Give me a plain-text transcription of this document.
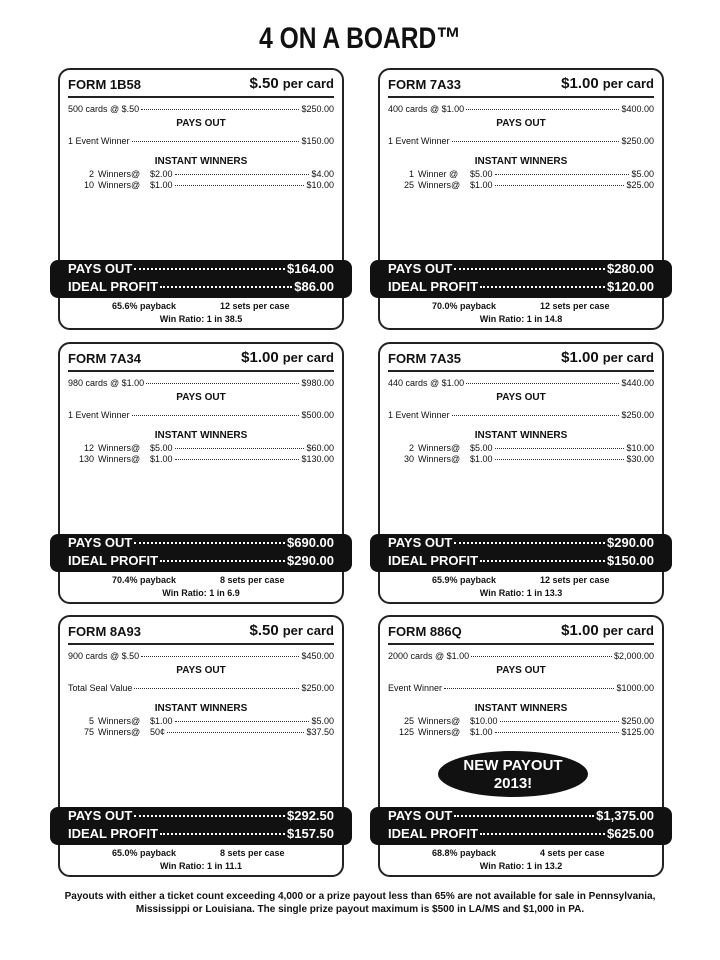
4 ON A BOARD™
FORM 1B58	$.50 per card
500 cards @ $.50	$250.00
PAYS OUT
1 Event Winner	$150.00
INSTANT WINNERS
2 Winners@	$2.00	$4.00
10 Winners@	$1.00	$10.00
PAYS OUT	$164.00
IDEAL PROFIT	$86.00
65.6% payback	12 sets per case
Win Ratio: 1 in 38.5
FORM 7A33	$1.00 per card
400 cards @ $1.00	$400.00
PAYS OUT
1 Event Winner	$250.00
INSTANT WINNERS
1 Winner @	$5.00	$5.00
25 Winners@	$1.00	$25.00
PAYS OUT	$280.00
IDEAL PROFIT	$120.00
70.0% payback	12 sets per case
Win Ratio: 1 in 14.8
FORM 7A34	$1.00 per card
980 cards @ $1.00	$980.00
PAYS OUT
1 Event Winner	$500.00
INSTANT WINNERS
12 Winners@	$5.00	$60.00
130 Winners@	$1.00	$130.00
PAYS OUT	$690.00
IDEAL PROFIT	$290.00
70.4% payback	8 sets per case
Win Ratio: 1 in 6.9
FORM 7A35	$1.00 per card
440 cards @ $1.00	$440.00
PAYS OUT
1 Event Winner	$250.00
INSTANT WINNERS
2 Winners@	$5.00	$10.00
30 Winners@	$1.00	$30.00
PAYS OUT	$290.00
IDEAL PROFIT	$150.00
65.9% payback	12 sets per case
Win Ratio: 1 in 13.3
FORM 8A93	$.50 per card
900 cards @ $.50	$450.00
PAYS OUT
Total Seal Value	$250.00
INSTANT WINNERS
5 Winners@	$1.00	$5.00
75 Winners@	50¢	$37.50
PAYS OUT	$292.50
IDEAL PROFIT	$157.50
65.0% payback	8 sets per case
Win Ratio: 1 in 11.1
FORM 886Q	$1.00 per card
2000 cards @ $1.00	$2,000.00
PAYS OUT
Event Winner	$1000.00
INSTANT WINNERS
25 Winners@	$10.00	$250.00
125 Winners@	$1.00	$125.00
PAYS OUT	$1,375.00
IDEAL PROFIT	$625.00
68.8% payback	4 sets per case
Win Ratio: 1 in 13.2
NEW PAYOUT
2013!
Payouts with either a ticket count exceeding 4,000 or a prize payout less than 65% are not available for sale in Pennsylvania, Mississippi or Louisiana. The single prize payout maximum is $500 in LA/MS and $1,000 in PA.
